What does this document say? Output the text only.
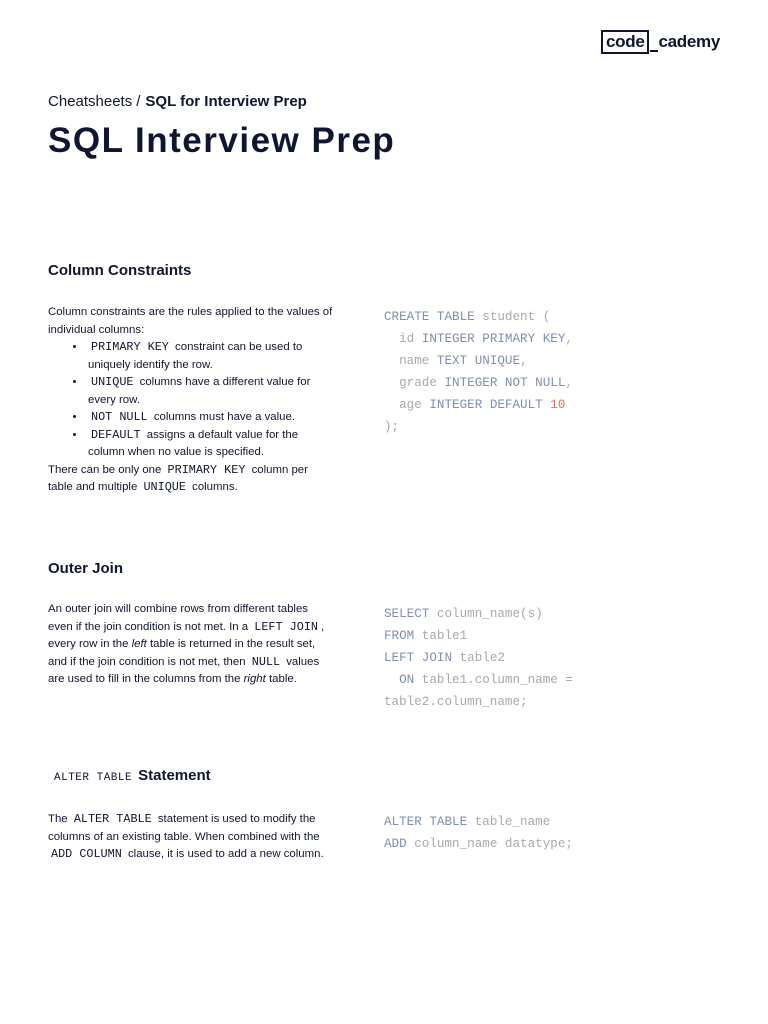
code cademy
Cheatsheets / SQL for Interview Prep
SQL Interview Prep
Column Constraints

Column constraints are the rules applied to the values of individual columns:

• PRIMARY KEY constraint can be used to uniquely identify the row.
• UNIQUE columns have a different value for every row.
• NOT NULL columns must have a value.
• DEFAULT assigns a default value for the column when no value is specified.

There can be only one PRIMARY KEY column per table and multiple UNIQUE columns.

CREATE TABLE student (
id INTEGER PRIMARY KEY,
name TEXT UNIQUE,
grade INTEGER NOT NULL,
age INTEGER DEFAULT 10
);
Outer Join

An outer join will combine rows from different tables even if the join condition is not met. In a LEFT JOIN , every row in the left table is returned in the result set, and if the join condition is not met, then NULL values are used to fill in the columns from the right table.

SELECT column_name(s)
FROM table1
LEFT JOIN table2
ON table1.column_name =
table2.column_name;
ALTER TABLE Statement

The ALTER TABLE statement is used to modify the columns of an existing table. When combined with the ADD COLUMN clause, it is used to add a new column.

ALTER TABLE table_name
ADD column_name datatype;
